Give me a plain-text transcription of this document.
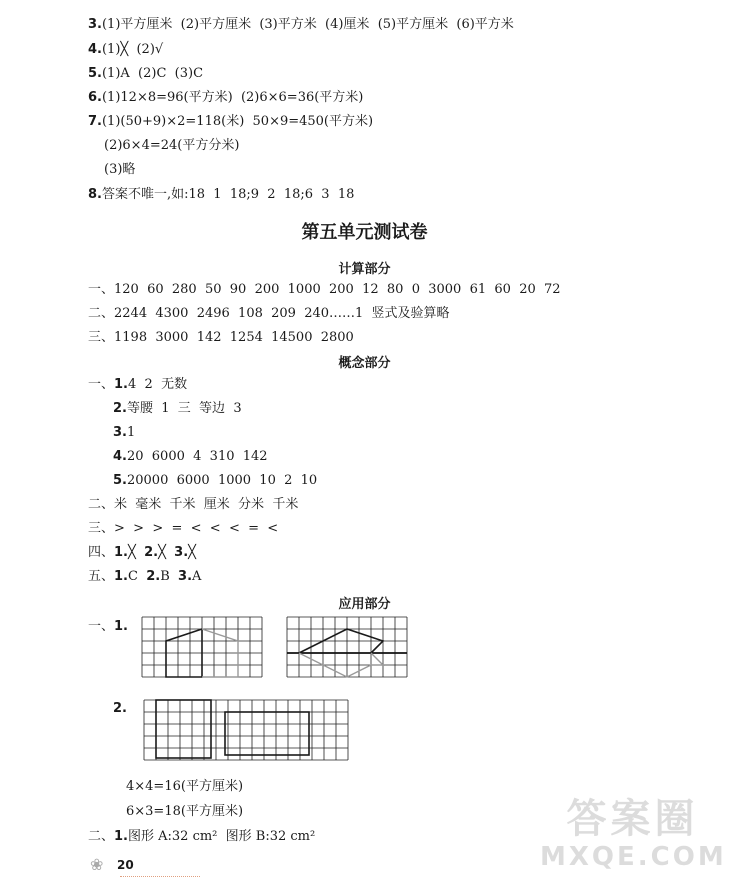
3.(1)平方厘米  (2)平方厘米  (3)平方米  (4)厘米  (5)平方厘米  (6)平方米
4.(1)╳  (2)√
5.(1)A  (2)C  (3)C
6.(1)12×8=96(平方米)  (2)6×6=36(平方米)
7.(1)(50+9)×2=118(米)  50×9=450(平方米)
(2)6×4=24(平方分米)
(3)略
8.答案不唯一,如:18  1  18;9  2  18;6  3  18
第五单元测试卷
计算部分
一、120  60  280  50  90  200  1000  200  12  80  0  3000  61  60  20  72
二、2244  4300  2496  108  209  240……1  竖式及验算略
三、1198  3000  142  1254  14500  2800
概念部分
一、1.4  2  无数
2.等腰  1  三  等边  3
3.1
4.20  6000  4  310  142
5.20000  6000  1000  10  2  10
二、米  毫米  千米  厘米  分米  千米
三、>  >  >  =  <  <  <  =  <
四、1.╳ 2.╳ 3.╳
五、1.C 2.B 3.A
应用部分
一、1.
2.
4×4=16(平方厘米)
6×3=18(平方厘米)
二、1.图形 A:32 cm²  图形 B:32 cm²
❀ 20
答案圈
MXQE.COM
